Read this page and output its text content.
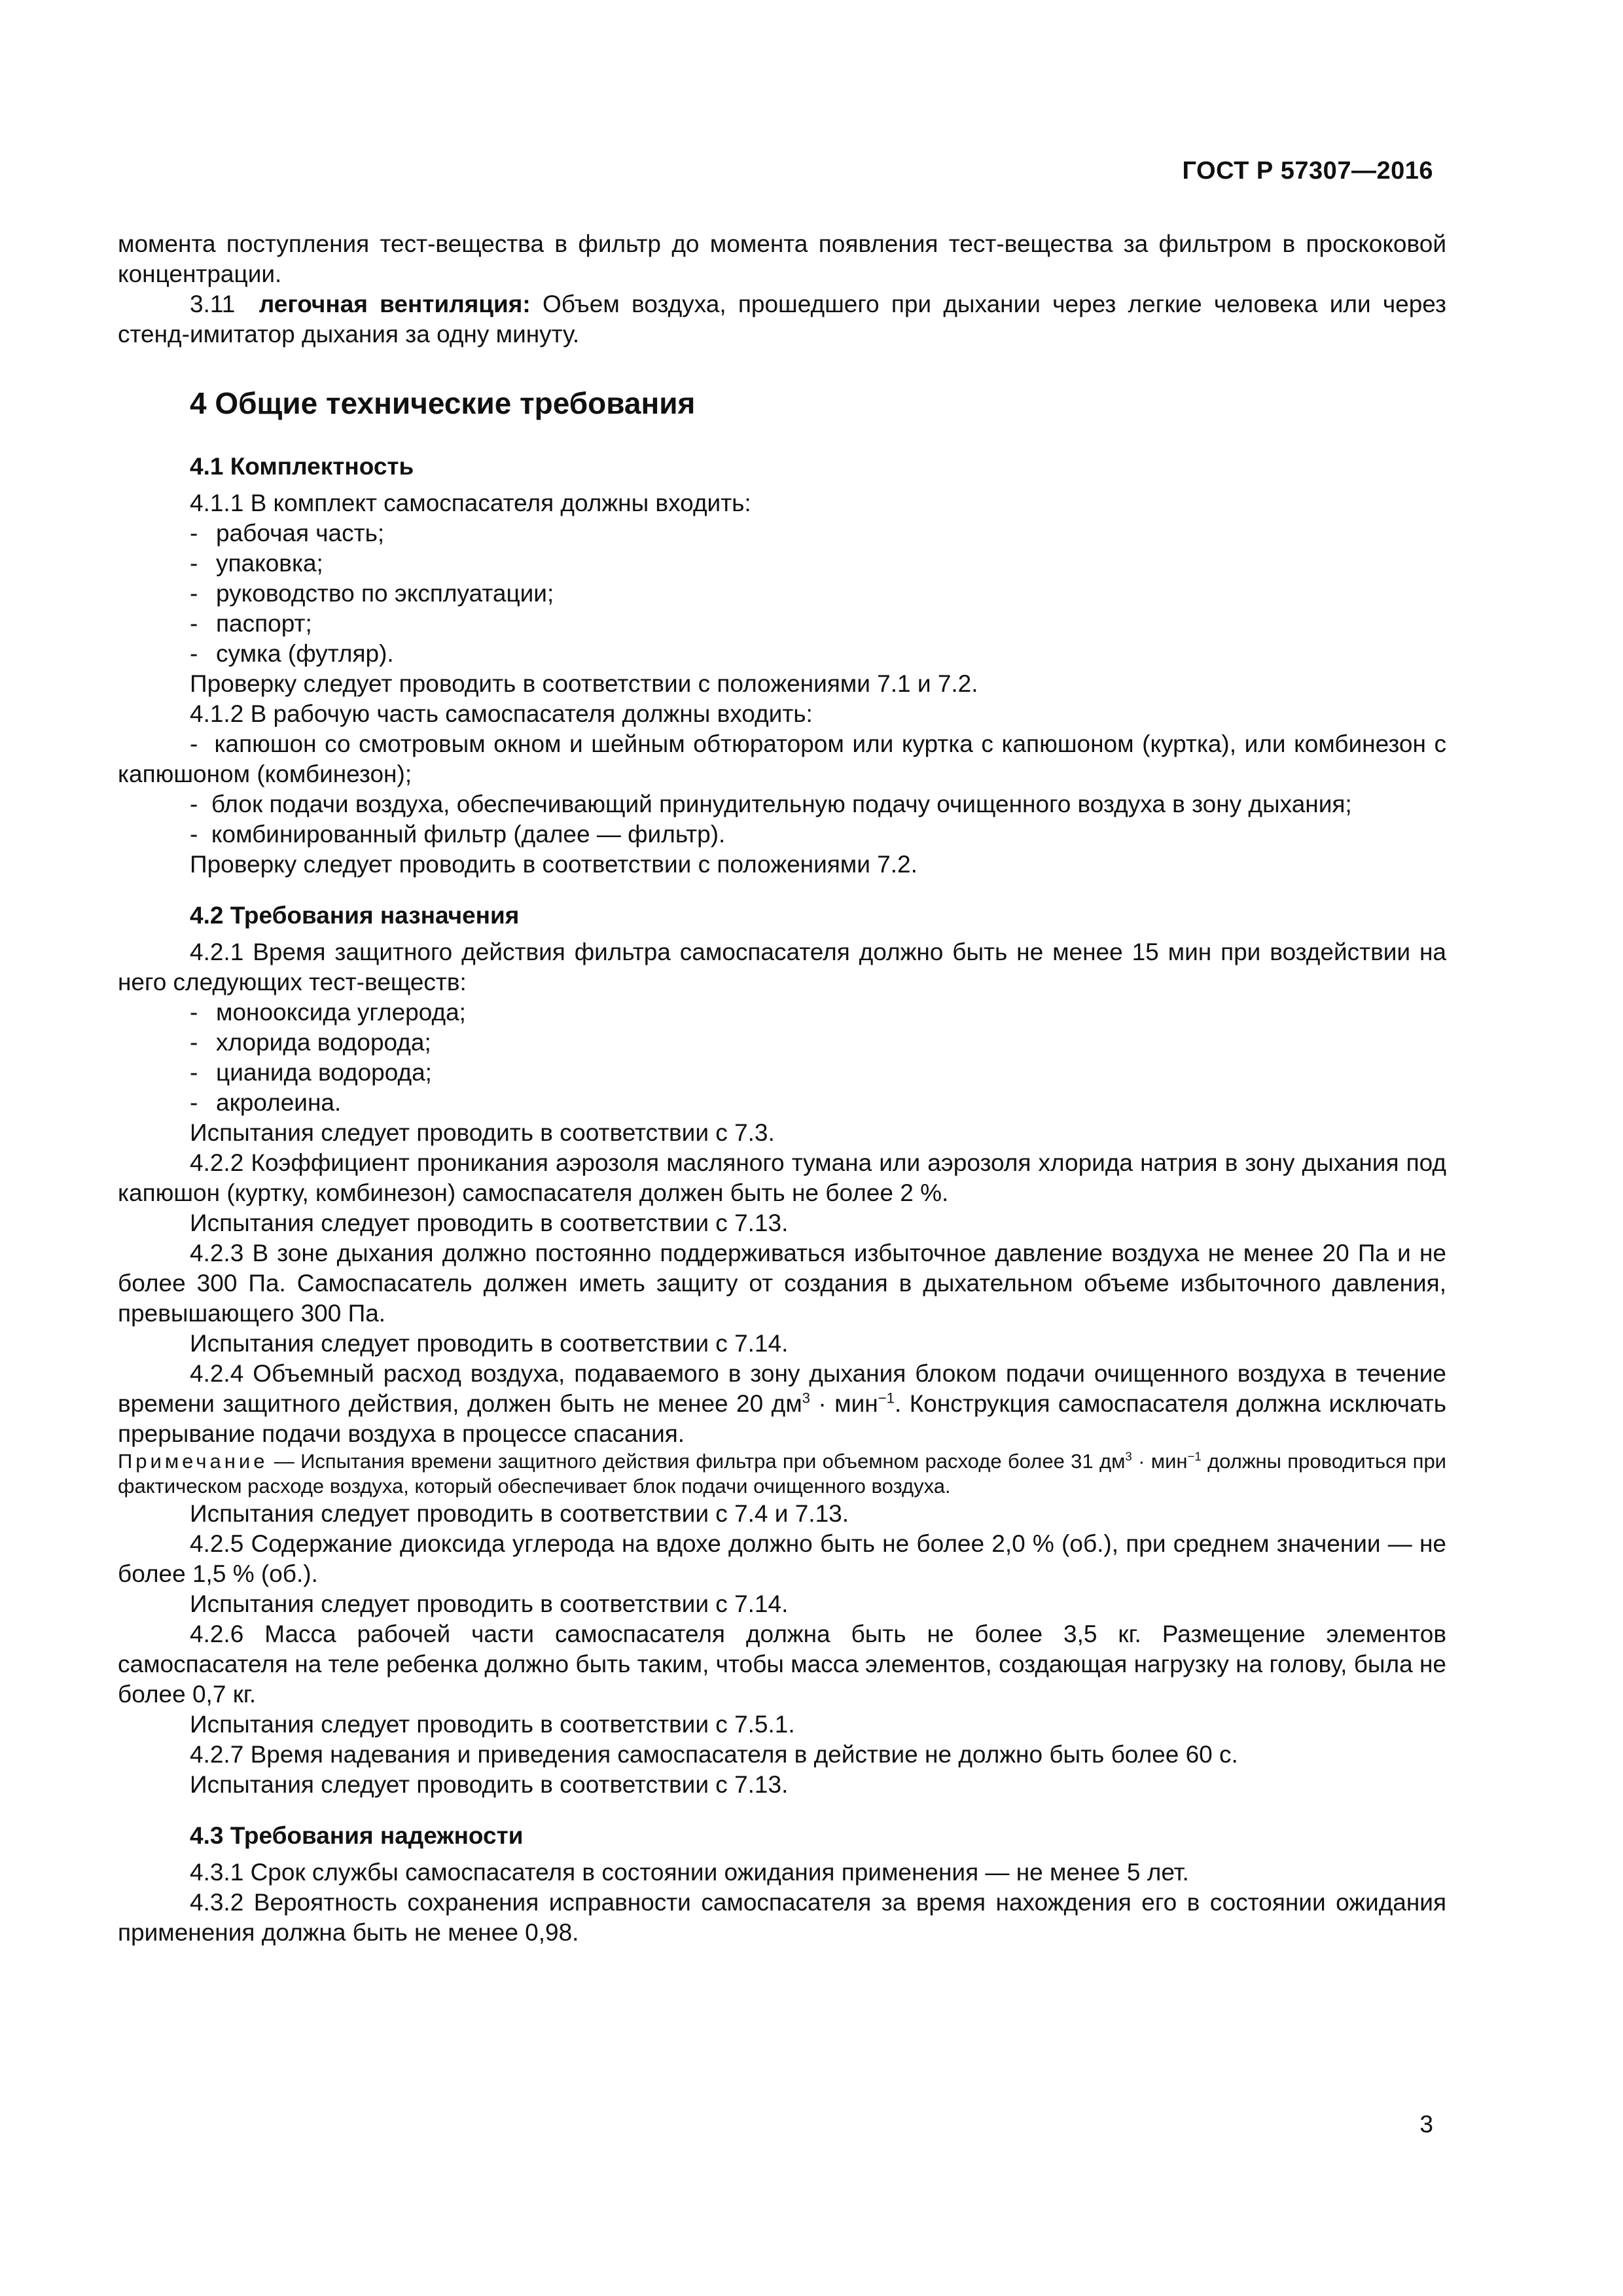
ГОСТ Р 57307—2016

момента поступления тест-вещества в фильтр до момента появления тест-вещества за фильтром в проскоковой концентрации.

3.11 легочная вентиляция: Объем воздуха, прошедшего при дыхании через легкие человека или через стенд-имитатор дыхания за одну минуту.

4 Общие технические требования
4.1 Комплектность

4.1.1 В комплект самоспасателя должны входить:

- рабочая часть;

- упаковка;

- руководство по эксплуатации;

- паспорт;

- сумка (футляр).

Проверку следует проводить в соответствии с положениями 7.1 и 7.2.

4.1.2 В рабочую часть самоспасателя должны входить:

-  капюшон со смотровым окном и шейным обтюратором или куртка с капюшоном (куртка), или комбинезон с капюшоном (комбинезон);

-  блок подачи воздуха, обеспечивающий принудительную подачу очищенного воздуха в зону дыхания;

-  комбинированный фильтр (далее — фильтр).

Проверку следует проводить в соответствии с положениями 7.2.

4.2 Требования назначения

4.2.1 Время защитного действия фильтра самоспасателя должно быть не менее 15 мин при воздействии на него следующих тест-веществ:

- монооксида углерода;

- хлорида водорода;

- цианида водорода;

- акролеина.

Испытания следует проводить в соответствии с 7.3.

4.2.2 Коэффициент проникания аэрозоля масляного тумана или аэрозоля хлорида натрия в зону дыхания под капюшон (куртку, комбинезон) самоспасателя должен быть не более 2 %.

Испытания следует проводить в соответствии с 7.13.

4.2.3 В зоне дыхания должно постоянно поддерживаться избыточное давление воздуха не менее 20 Па и не более 300 Па. Самоспасатель должен иметь защиту от создания в дыхательном объеме избыточного давления, превышающего 300 Па.

Испытания следует проводить в соответствии с 7.14.

4.2.4 Объемный расход воздуха, подаваемого в зону дыхания блоком подачи очищенного воздуха в течение времени защитного действия, должен быть не менее 20 $дм^3 \cdot мин^{-1}$. Конструкция самоспасателя должна исключать прерывание подачи воздуха в процессе спасания.

Примечание — Испытания времени защитного действия фильтра при объемном расходе более 31 $дм^3 \cdot мин^{-1}$ должны проводиться при фактическом расходе воздуха, который обеспечивает блок подачи очищенного воздуха.

Испытания следует проводить в соответствии с 7.4 и 7.13.

4.2.5 Содержание диоксида углерода на вдохе должно быть не более 2,0 % (об.), при среднем значении — не более 1,5 % (об.).

Испытания следует проводить в соответствии с 7.14.

4.2.6 Масса рабочей части самоспасателя должна быть не более 3,5 кг. Размещение элементов самоспасателя на теле ребенка должно быть таким, чтобы масса элементов, создающая нагрузку на голову, была не более 0,7 кг.

Испытания следует проводить в соответствии с 7.5.1.

4.2.7 Время надевания и приведения самоспасателя в действие не должно быть более 60 с.

Испытания следует проводить в соответствии с 7.13.

4.3 Требования надежности

4.3.1 Срок службы самоспасателя в состоянии ожидания применения — не менее 5 лет.

4.3.2 Вероятность сохранения исправности самоспасателя за время нахождения его в состоянии ожидания применения должна быть не менее 0,98.

3
